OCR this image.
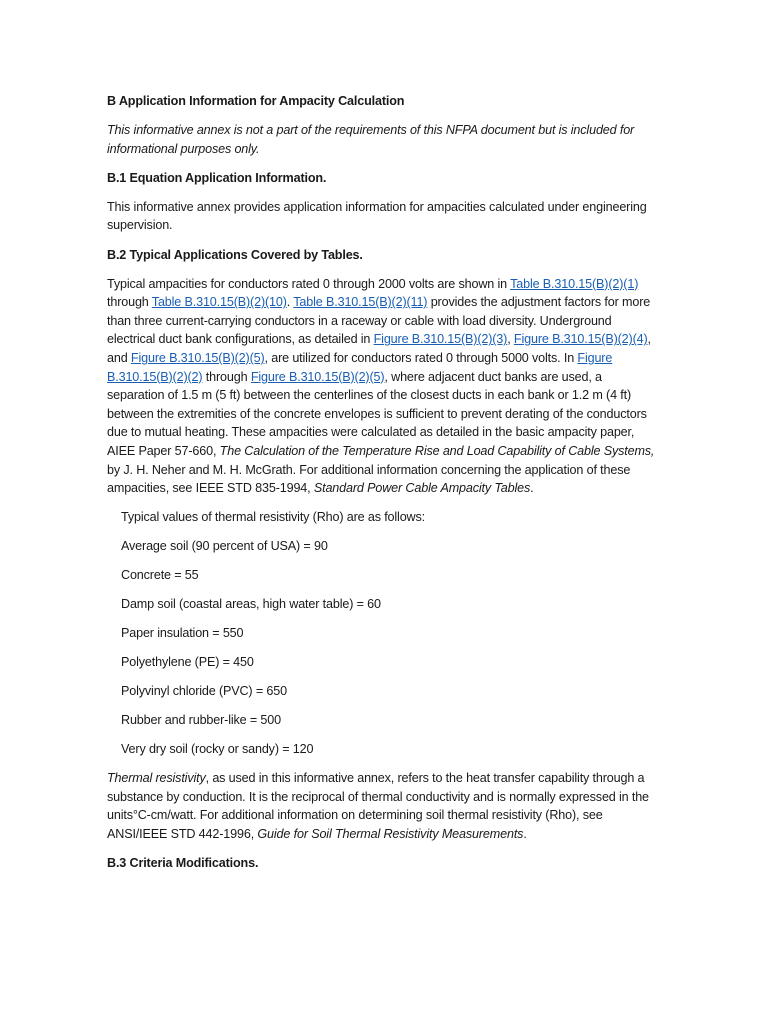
B Application Information for Ampacity Calculation

This informative annex is not a part of the requirements of this NFPA document but is included for informational purposes only.

B.1 Equation Application Information.

This informative annex provides application information for ampacities calculated under engineering supervision.

B.2 Typical Applications Covered by Tables.

Typical ampacities for conductors rated 0 through 2000 volts are shown in Table B.310.15(B)(2)(1) through Table B.310.15(B)(2)(10). Table B.310.15(B)(2)(11) provides the adjustment factors for more than three current-carrying conductors in a raceway or cable with load diversity. Underground electrical duct bank configurations, as detailed in Figure B.310.15(B)(2)(3), Figure B.310.15(B)(2)(4), and Figure B.310.15(B)(2)(5), are utilized for conductors rated 0 through 5000 volts. In Figure B.310.15(B)(2)(2) through Figure B.310.15(B)(2)(5), where adjacent duct banks are used, a separation of 1.5 m (5 ft) between the centerlines of the closest ducts in each bank or 1.2 m (4 ft) between the extremities of the concrete envelopes is sufficient to prevent derating of the conductors due to mutual heating. These ampacities were calculated as detailed in the basic ampacity paper, AIEE Paper 57-660, The Calculation of the Temperature Rise and Load Capability of Cable Systems, by J. H. Neher and M. H. McGrath. For additional information concerning the application of these ampacities, see IEEE STD 835-1994, Standard Power Cable Ampacity Tables.

Typical values of thermal resistivity (Rho) are as follows:
Average soil (90 percent of USA) = 90
Concrete = 55
Damp soil (coastal areas, high water table) = 60
Paper insulation = 550
Polyethylene (PE) = 450
Polyvinyl chloride (PVC) = 650
Rubber and rubber-like = 500
Very dry soil (rocky or sandy) = 120

Thermal resistivity, as used in this informative annex, refers to the heat transfer capability through a substance by conduction. It is the reciprocal of thermal conductivity and is normally expressed in the units°C-cm/watt. For additional information on determining soil thermal resistivity (Rho), see ANSI/IEEE STD 442-1996, Guide for Soil Thermal Resistivity Measurements.

B.3 Criteria Modifications.
